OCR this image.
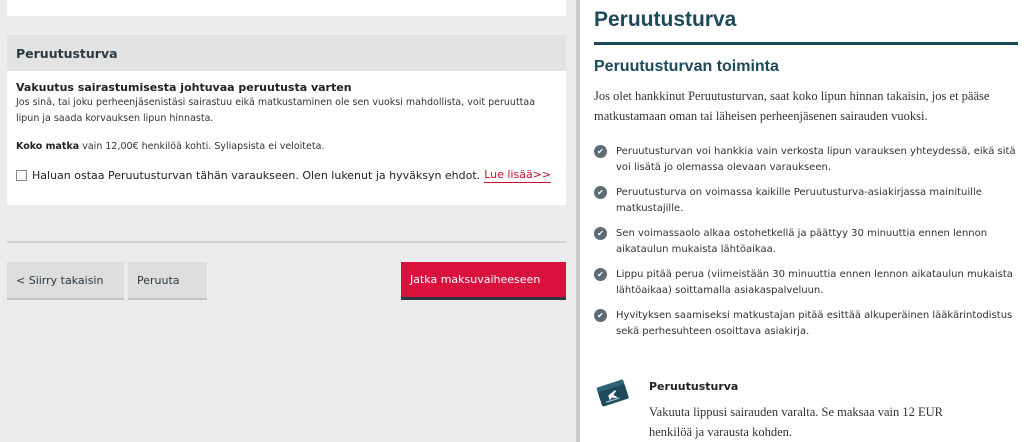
Peruutusturva
Vakuutus sairastumisesta johtuvaa peruutusta varten
Jos sinä, tai joku perheenjäsenistäsi sairastuu eikä matkustaminen ole sen vuoksi mahdollista, voit peruuttaa lipun ja saada korvauksen lipun hinnasta.
Koko matka vain 12,00€ henkilöä kohti. Syliapsista ei veloiteta.
Haluan ostaa Peruutusturvan tähän varaukseen. Olen lukenut ja hyväksyn ehdot. Lue lisää>>
< Siirry takaisin	Peruuta	Jatka maksuvaiheeseen
Peruutusturva
Peruutusturvan toiminta
Jos olet hankkinut Peruutusturvan, saat koko lipun hinnan takaisin, jos et pääse matkustamaan oman tai läheisen perheenjäsenen sairauden vuoksi.
✔	Peruutusturvan voi hankkia vain verkosta lipun varauksen yhteydessä, eikä sitä voi lisätä jo olemassa olevaan varaukseen.
✔	Peruutusturva on voimassa kaikille Peruutusturva-asiakirjassa mainituille matkustajille.
✔	Sen voimassaolo alkaa ostohetkellä ja päättyy 30 minuuttia ennen lennon aikataulun mukaista lähtöaikaa.
✔	Lippu pitää perua (viimeistään 30 minuuttia ennen lennon aikataulun mukaista lähtöaikaa) soittamalla asiakaspalveluun.
✔	Hyvityksen saamiseksi matkustajan pitää esittää alkuperäinen lääkärintodistus sekä perhesuhteen osoittava asiakirja.
Peruutusturva
Vakuuta lippusi sairauden varalta. Se maksaa vain 12 EUR henkilöä ja varausta kohden.
